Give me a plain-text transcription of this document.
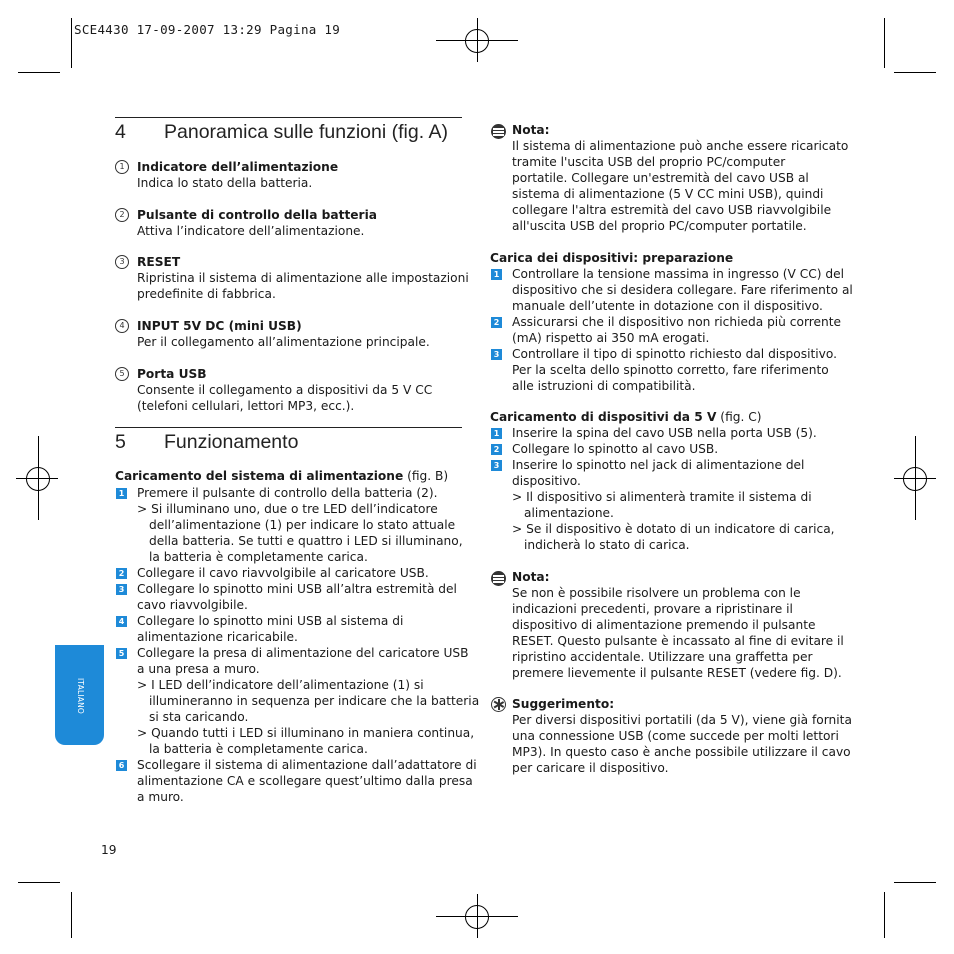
SCE4430 17-09-2007 13:29 Pagina 19
ITALIANO
4 Panoramica sulle funzioni (fig. A)
1	Indicatore dell’alimentazione
Indica lo stato della batteria.
2	Pulsante di controllo della batteria
Attiva l’indicatore dell’alimentazione.
3	RESET
Ripristina il sistema di alimentazione alle impostazioni
predefinite di fabbrica.
4	INPUT 5V DC (mini USB)
Per il collegamento all’alimentazione principale.
5	Porta USB
Consente il collegamento a dispositivi da 5 V CC
(telefoni cellulari, lettori MP3, ecc.).
5 Funzionamento
Caricamento del sistema di alimentazione (fig. B)
1 Premere il pulsante di controllo della batteria (2).
> Si illuminano uno, due o tre LED dell’indicatore
dell’alimentazione (1) per indicare lo stato attuale
della batteria. Se tutti e quattro i LED si illuminano,
la batteria è completamente carica.
2 Collegare il cavo riavvolgibile al caricatore USB.
3 Collegare lo spinotto mini USB all’altra estremità del
cavo riavvolgibile.
4 Collegare lo spinotto mini USB al sistema di
alimentazione ricaricabile.
5 Collegare la presa di alimentazione del caricatore USB
a una presa a muro.
> I LED dell’indicatore dell’alimentazione (1) si
illumineranno in sequenza per indicare che la batteria
si sta caricando.
> Quando tutti i LED si illuminano in maniera continua,
la batteria è completamente carica.
6 Scollegare il sistema di alimentazione dall’adattatore di
alimentazione CA e scollegare quest’ultimo dalla presa
a muro.
Nota:
Il sistema di alimentazione può anche essere ricaricato
tramite l'uscita USB del proprio PC/computer
portatile. Collegare un'estremità del cavo USB al
sistema di alimentazione (5 V CC mini USB), quindi
collegare l'altra estremità del cavo USB riavvolgibile
all'uscita USB del proprio PC/computer portatile.
Carica dei dispositivi: preparazione
1 Controllare la tensione massima in ingresso (V CC) del
dispositivo che si desidera collegare. Fare riferimento al
manuale dell’utente in dotazione con il dispositivo.
2 Assicurarsi che il dispositivo non richieda più corrente
(mA) rispetto ai 350 mA erogati.
3 Controllare il tipo di spinotto richiesto dal dispositivo.
Per la scelta dello spinotto corretto, fare riferimento
alle istruzioni di compatibilità.
Caricamento di dispositivi da 5 V (fig. C)
1 Inserire la spina del cavo USB nella porta USB (5).
2 Collegare lo spinotto al cavo USB.
3 Inserire lo spinotto nel jack di alimentazione del
dispositivo.
> Il dispositivo si alimenterà tramite il sistema di
alimentazione.
> Se il dispositivo è dotato di un indicatore di carica,
indicherà lo stato di carica.
Nota:
Se non è possibile risolvere un problema con le
indicazioni precedenti, provare a ripristinare il
dispositivo di alimentazione premendo il pulsante
RESET. Questo pulsante è incassato al fine di evitare il
ripristino accidentale. Utilizzare una graffetta per
premere lievemente il pulsante RESET (vedere fig. D).
Suggerimento:
Per diversi dispositivi portatili (da 5 V), viene già fornita
una connessione USB (come succede per molti lettori
MP3). In questo caso è anche possibile utilizzare il cavo
per caricare il dispositivo.
19
